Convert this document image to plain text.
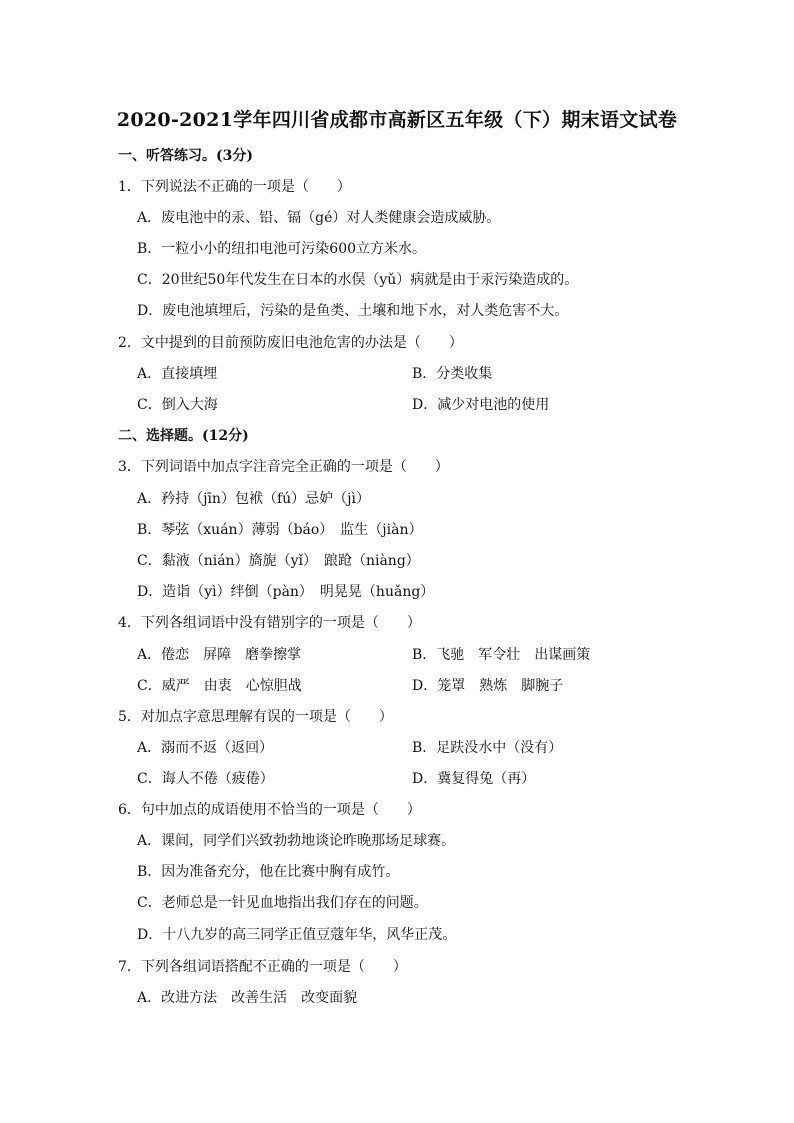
2020-2021学年四川省成都市高新区五年级（下）期末语文试卷
一、听答练习。(3分)
1．下列说法不正确的一项是（　　）
A．废电池中的汞、铅、镉（gé）对人类健康会造成威胁。
B．一粒小小的纽扣电池可污染600立方米水。
C．20世纪50年代发生在日本的水俣（yǔ）病就是由于汞污染造成的。
D．废电池填埋后，污染的是鱼类、土壤和地下水，对人类危害不大。
2．文中提到的目前预防废旧电池危害的办法是（　　）
A．直接填埋	B．分类收集
C．倒入大海	D．减少对电池的使用
二、选择题。(12分)
3．下列词语中加点字注音完全正确的一项是（　　）
A．矜持（jīn）包袱（fú）忌妒（jì）
B．琴弦（xuán）薄弱（báo）　监生（jiàn）
C．黏液（nián）旖旎（yǐ）　踉跄（niàng）
D．造诣（yì）绊倒（pàn）　明晃晃（huǎng）
4．下列各组词语中没有错别字的一项是（　　）
A．倦恋　屏障　磨拳擦掌	B．飞驰　军令壮　出谋画策
C．威严　由衷　心惊胆战	D．笼罩　熟炼　脚腕子
5．对加点字意思理解有误的一项是（　　）
A．溺而不返（返回）	B．足趺没水中（没有）
C．诲人不倦（疲倦）	D．冀复得兔（再）
6．句中加点的成语使用不恰当的一项是（　　）
A．课间，同学们兴致勃勃地谈论昨晚那场足球赛。
B．因为准备充分，他在比赛中胸有成竹。
C．老师总是一针见血地指出我们存在的问题。
D．十八九岁的高三同学正值豆蔻年华，风华正茂。
7．下列各组词语搭配不正确的一项是（　　）
A．改进方法　改善生活　改变面貌
